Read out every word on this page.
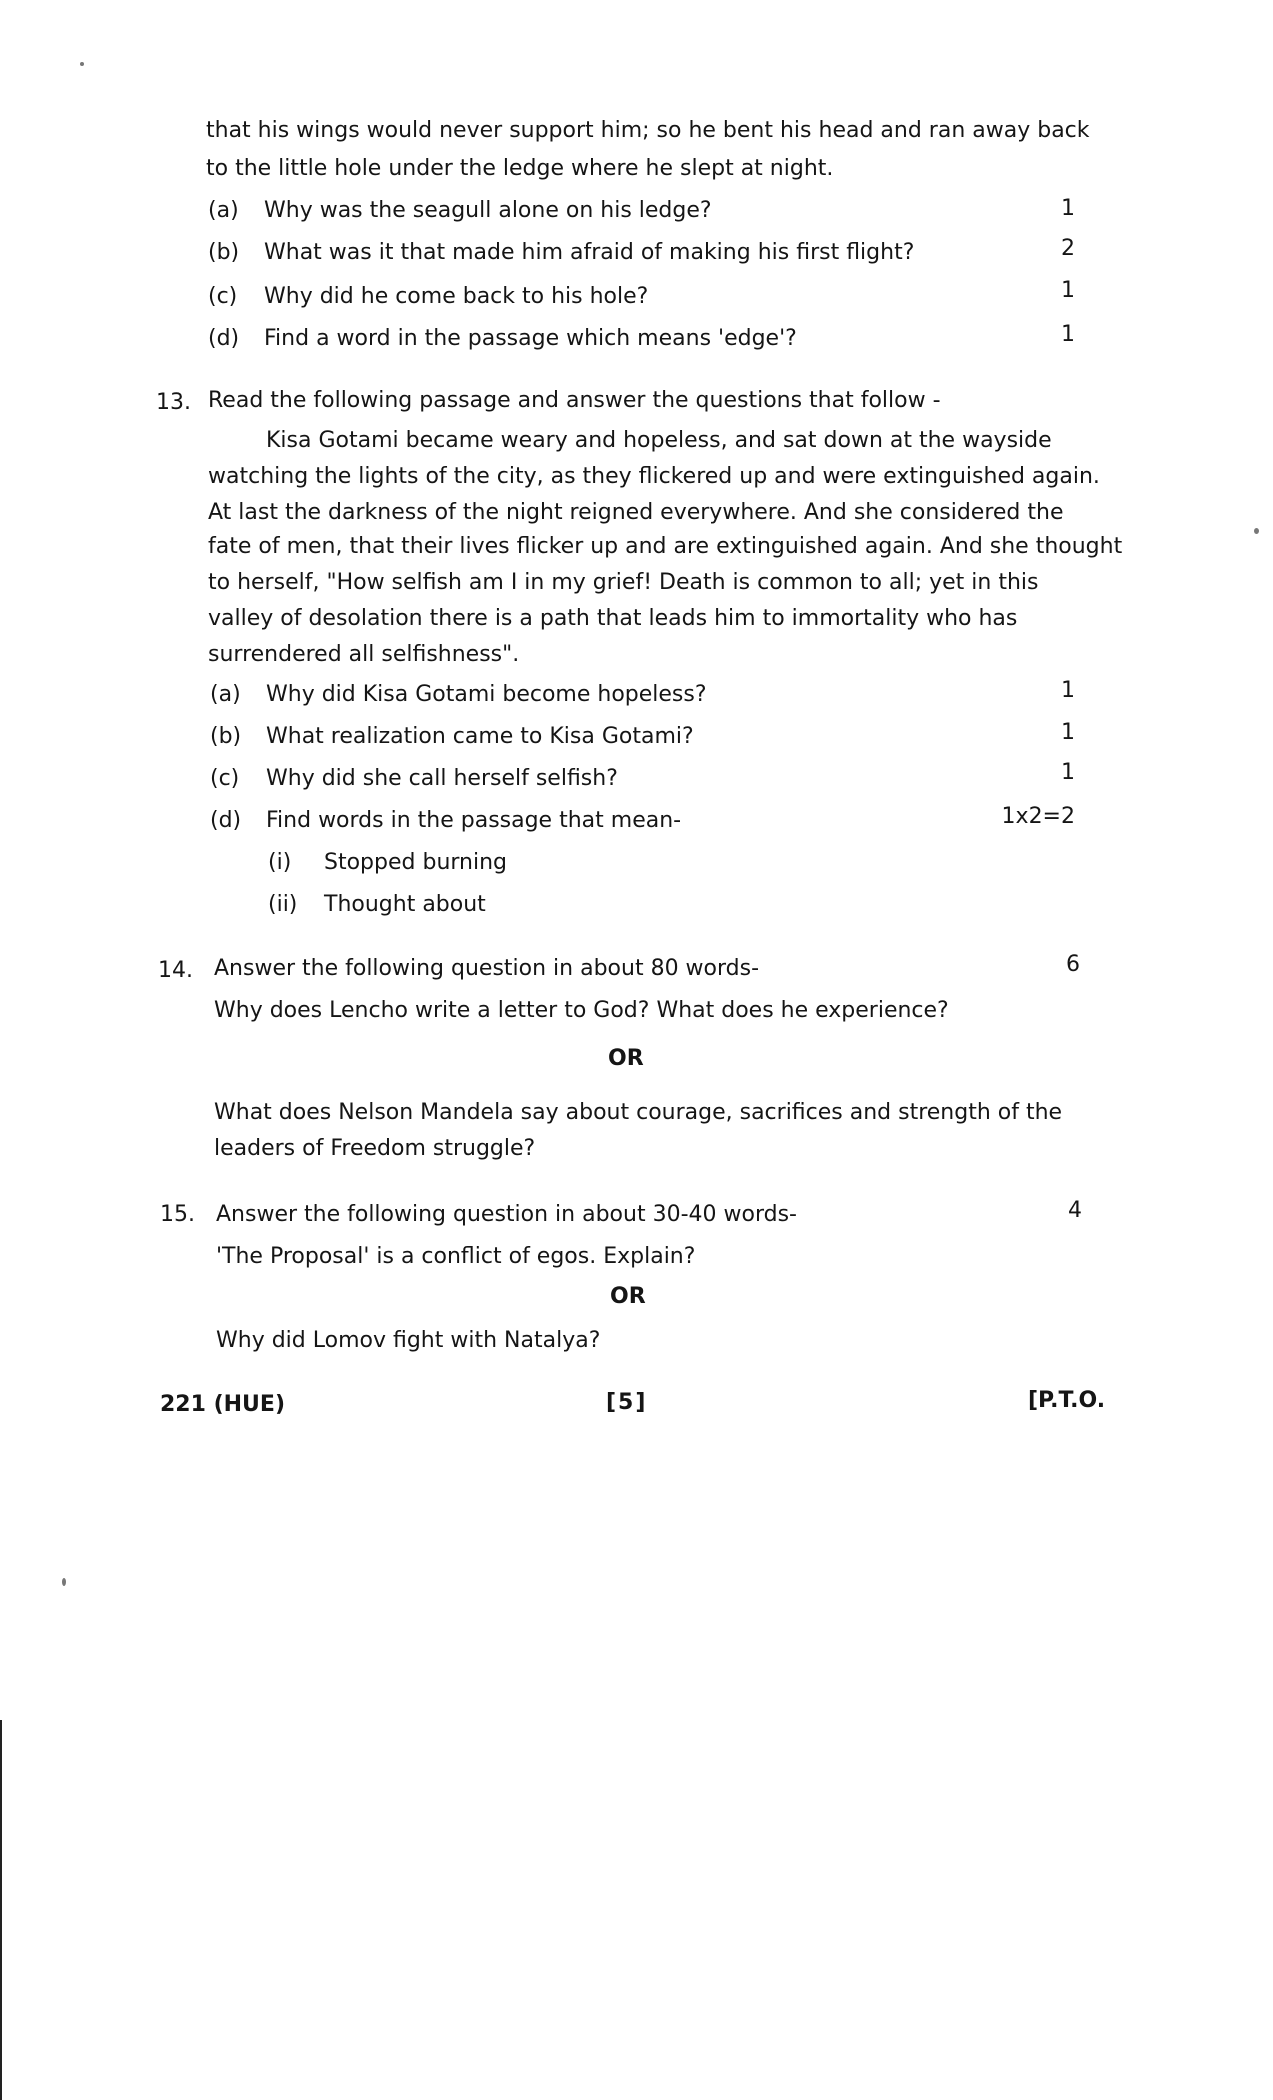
that his wings would never support him; so he bent his head and ran away back
to the little hole under the ledge where he slept at night.
(a) Why was the seagull alone on his ledge?	1
(b) What was it that made him afraid of making his first flight?	2
(c) Why did he come back to his hole?	1
(d) Find a word in the passage which means 'edge'?	1
13. Read the following passage and answer the questions that follow -
Kisa Gotami became weary and hopeless, and sat down at the wayside
watching the lights of the city, as they flickered up and were extinguished again.
At last the darkness of the night reigned everywhere. And she considered the
fate of men, that their lives flicker up and are extinguished again. And she thought
to herself, "How selfish am I in my grief! Death is common to all; yet in this
valley of desolation there is a path that leads him to immortality who has
surrendered all selfishness".
(a) Why did Kisa Gotami become hopeless?	1
(b) What realization came to Kisa Gotami?	1
(c) Why did she call herself selfish?	1
(d) Find words in the passage that mean-	1x2=2
(i) Stopped burning
(ii) Thought about
14. Answer the following question in about 80 words-	6
Why does Lencho write a letter to God? What does he experience?
OR
What does Nelson Mandela say about courage, sacrifices and strength of the
leaders of Freedom struggle?
15. Answer the following question in about 30-40 words-	4
'The Proposal' is a conflict of egos. Explain?
OR
Why did Lomov fight with Natalya?
221 (HUE)	[5]	[P.T.O.
